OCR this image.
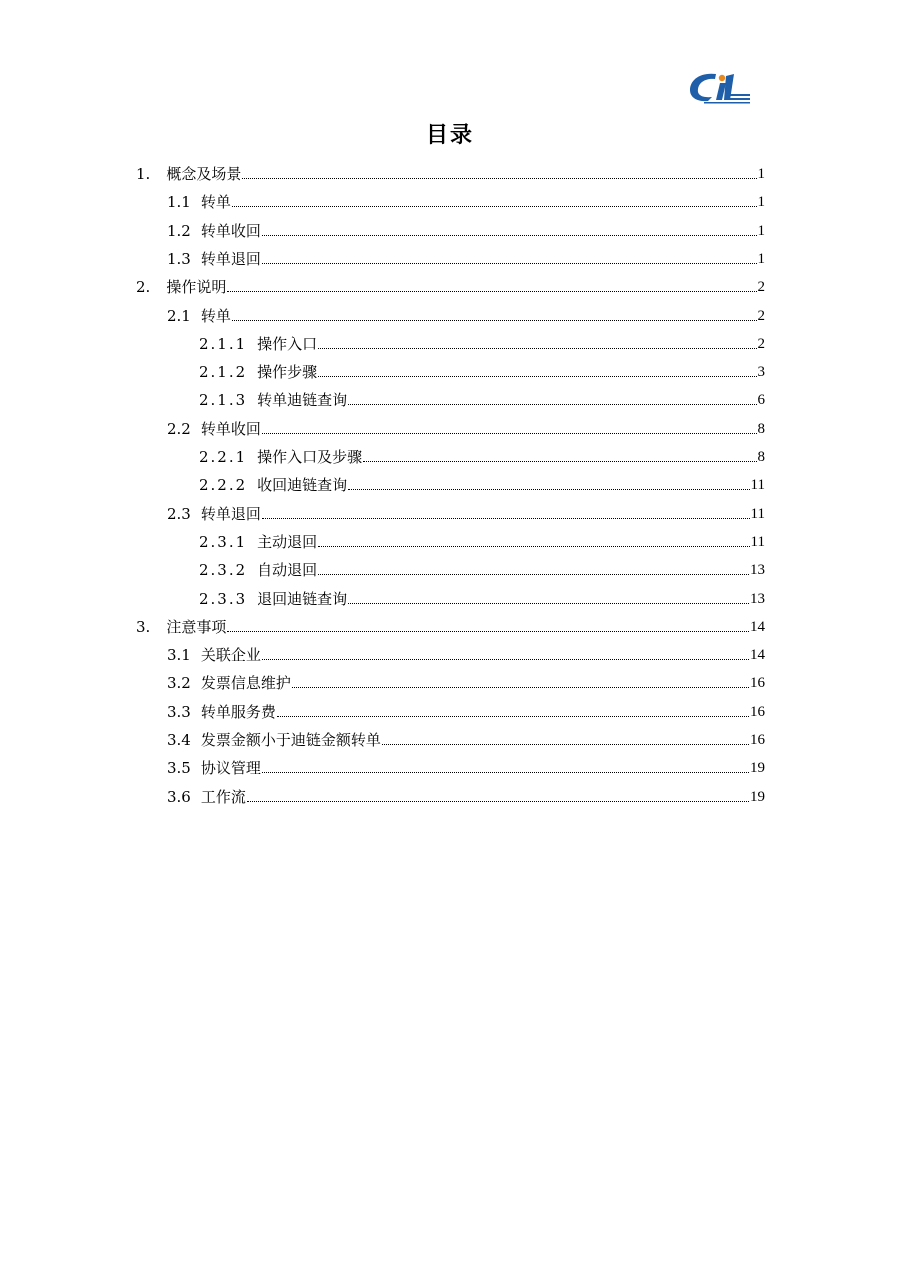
目录
1. 概念及场景	1
1.1 转单	1
1.2 转单收回	1
1.3 转单退回	1
2. 操作说明	2
2.1 转单	2
2.1.1 操作入口	2
2.1.2 操作步骤	3
2.1.3 转单迪链查询	6
2.2 转单收回	8
2.2.1 操作入口及步骤	8
2.2.2 收回迪链查询	11
2.3 转单退回	11
2.3.1 主动退回	11
2.3.2 自动退回	13
2.3.3 退回迪链查询	13
3. 注意事项	14
3.1 关联企业	14
3.2 发票信息维护	16
3.3 转单服务费	16
3.4 发票金额小于迪链金额转单	16
3.5 协议管理	19
3.6 工作流	19
